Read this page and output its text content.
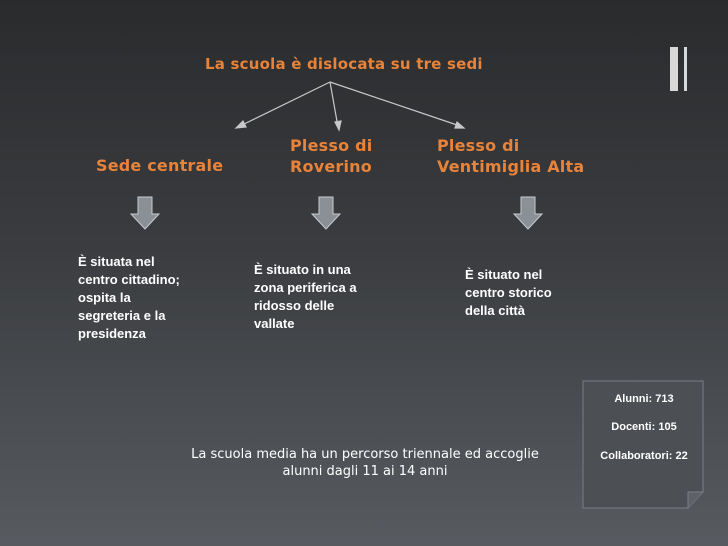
La scuola è dislocata su tre sedi
Sede centrale
Plesso di
Roverino
Plesso di
Ventimiglia Alta
È situata nel
centro cittadino;
ospita la
segreteria e la
presidenza
È situato in una
zona periferica a
ridosso delle
vallate
È situato nel
centro storico
della città
La scuola media ha un percorso triennale ed accoglie
alunni dagli 11 ai 14 anni
Alunni: 713
Docenti: 105
Collaboratori: 22
